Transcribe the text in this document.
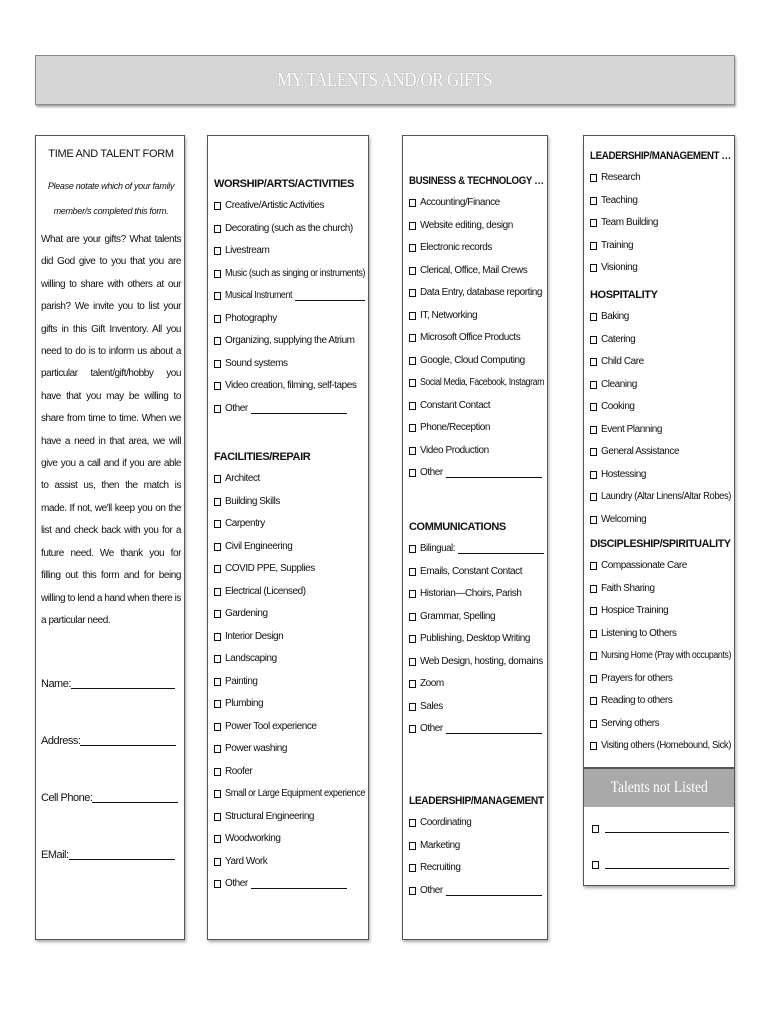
MY TALENTS AND/OR GIFTS
TIME AND TALENT FORM
Please notate which of your family member/s completed this form.
What are your gifts? What talents did God give to you that you are willing to share with others at our parish? We invite you to list your gifts in this Gift Inventory. All you need to do is to inform us about a particular talent/gift/hobby you have that you may be willing to share from time to time. When we have a need in that area, we will give you a call and if you are able to assist us, then the match is made. If not, we'll keep you on the list and check back with you for a future need. We thank you for filling out this form and for being willing to lend a hand when there is a particular need.
Name:
Address:
Cell Phone:
EMail:
WORSHIP/ARTS/ACTIVITIES
Creative/Artistic Activities
Decorating (such as the church)
Livestream
Music (such as singing or instruments)
Musical Instrument
Photography
Organizing, supplying the Atrium
Sound systems
Video creation, filming, self-tapes
Other
FACILITIES/REPAIR
Architect
Building Skills
Carpentry
Civil Engineering
COVID PPE, Supplies
Electrical (Licensed)
Gardening
Interior Design
Landscaping
Painting
Plumbing
Power Tool experience
Power washing
Roofer
Small or Large Equipment experience
Structural Engineering
Woodworking
Yard Work
Other
BUSINESS & TECHNOLOGY …
Accounting/Finance
Website editing, design
Electronic records
Clerical, Office, Mail Crews
Data Entry, database reporting
IT, Networking
Microsoft Office Products
Google, Cloud Computing
Social Media, Facebook, Instagram
Constant Contact
Phone/Reception
Video Production
Other
COMMUNICATIONS
Bilingual:
Emails, Constant Contact
Historian—Choirs, Parish
Grammar, Spelling
Publishing, Desktop Writing
Web Design, hosting, domains
Zoom
Sales
Other
LEADERSHIP/MANAGEMENT
Coordinating
Marketing
Recruiting
Other
LEADERSHIP/MANAGEMENT …
Research
Teaching
Team Building
Training
Visioning
HOSPITALITY
Baking
Catering
Child Care
Cleaning
Cooking
Event Planning
General Assistance
Hostessing
Laundry (Altar Linens/Altar Robes)
Welcoming
DISCIPLESHIP/SPIRITUALITY
Compassionate Care
Faith Sharing
Hospice Training
Listening to Others
Nursing Home (Pray with occupants)
Prayers for others
Reading to others
Serving others
Visiting others (Homebound, Sick)
Talents not Listed
